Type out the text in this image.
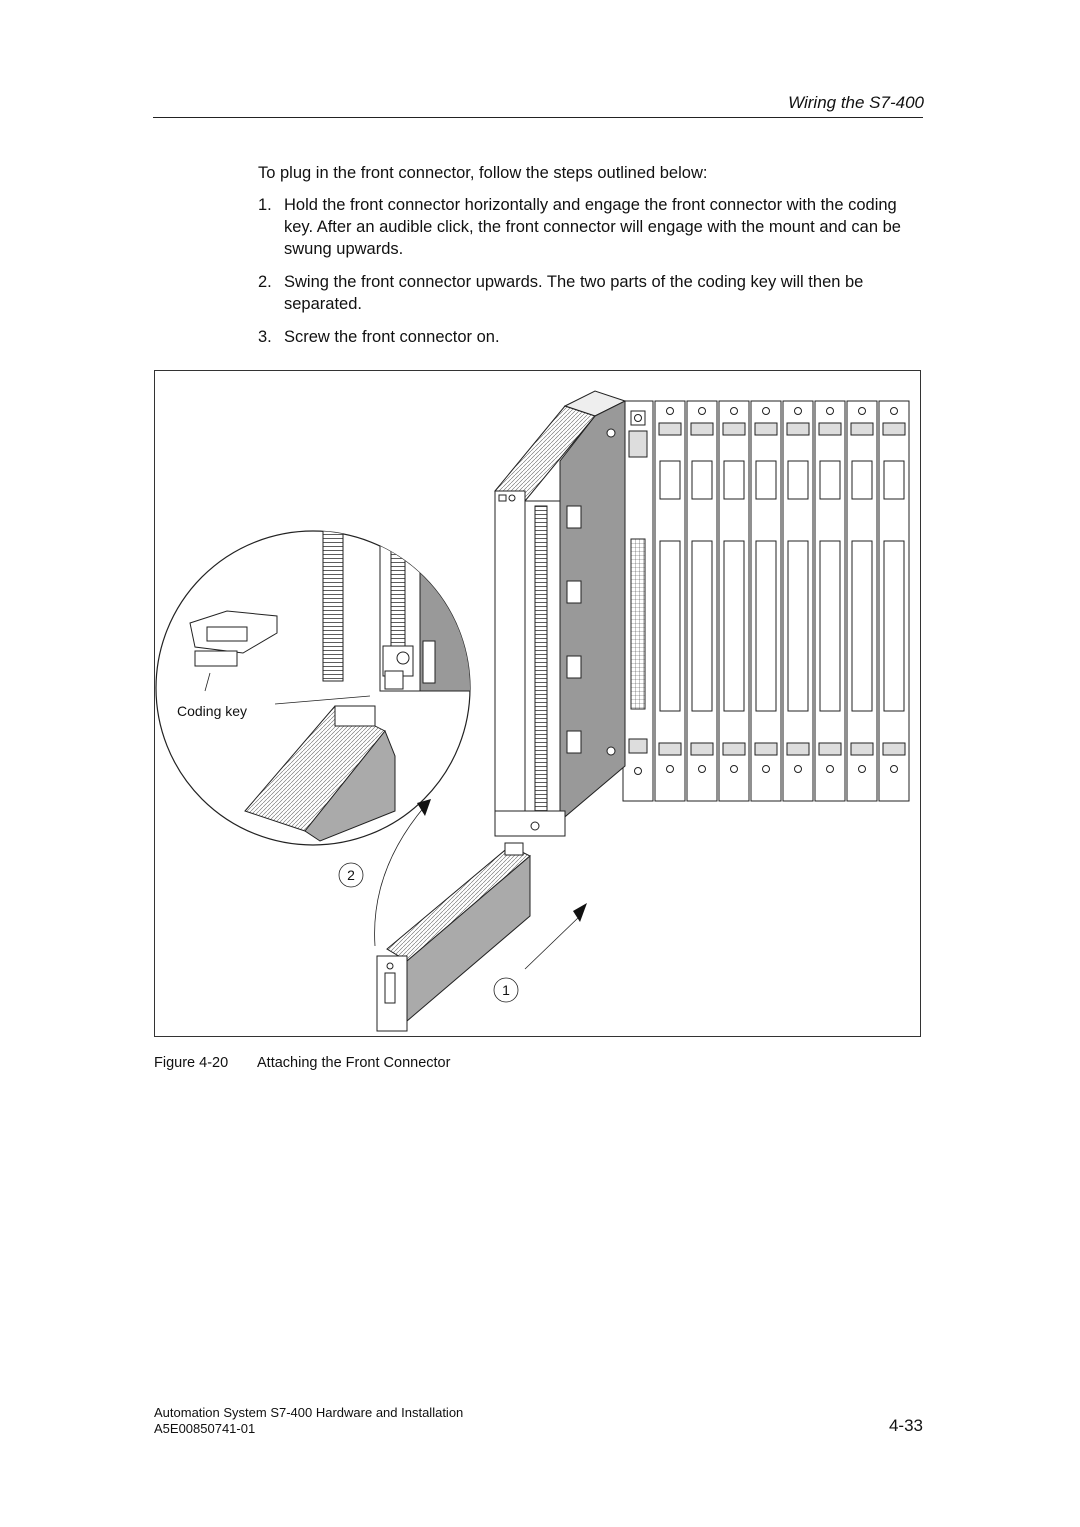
Wiring the S7-400
To plug in the front connector, follow the steps outlined below:
1. Hold the front connector horizontally and engage the front connector with the coding key. After an audible click, the front connector will engage with the mount and can be swung upwards.
2. Swing the front connector upwards. The two parts of the coding key will then be separated.
3. Screw the front connector on.
Coding key
2
1
Figure 4-20 Attaching the Front Connector
Automation System S7-400 Hardware and Installation
A5E00850741-01	4-33
